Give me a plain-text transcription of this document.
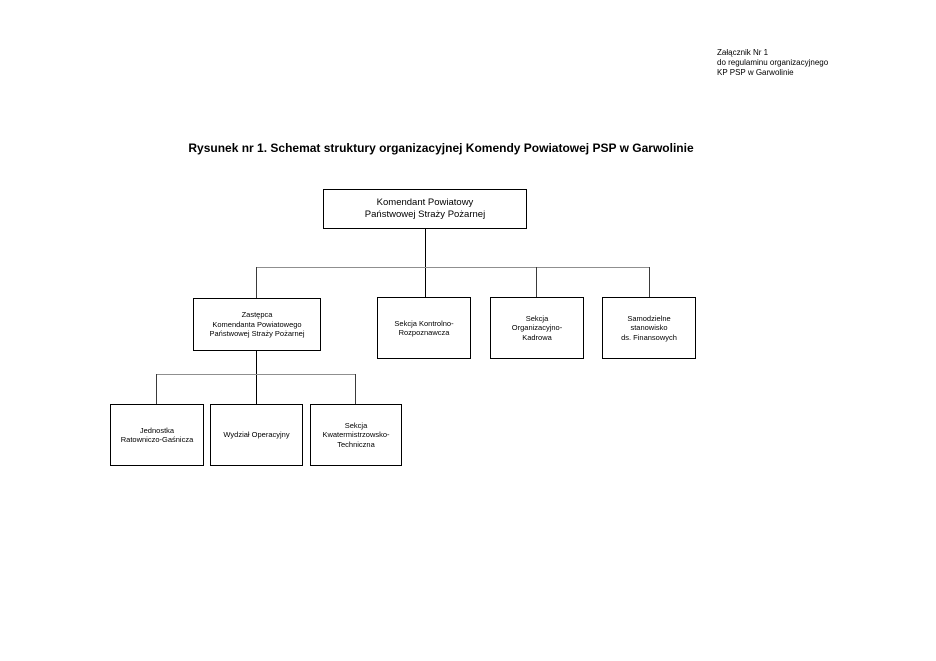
Załącznik Nr 1
do regulaminu organizacyjnego
KP PSP w Garwolinie
Rysunek nr 1. Schemat struktury organizacyjnej Komendy Powiatowej PSP w Garwolinie
Komendant Powiatowy
Państwowej Straży Pożarnej
Zastępca
Komendanta Powiatowego
Państwowej Straży Pożarnej
Sekcja Kontrolno-
Rozpoznawcza
Sekcja
Organizacyjno-
Kadrowa
Samodzielne
stanowisko
ds. Finansowych
Jednostka
Ratowniczo-Gaśnicza
Wydział Operacyjny
Sekcja
Kwatermistrzowsko-
Techniczna
